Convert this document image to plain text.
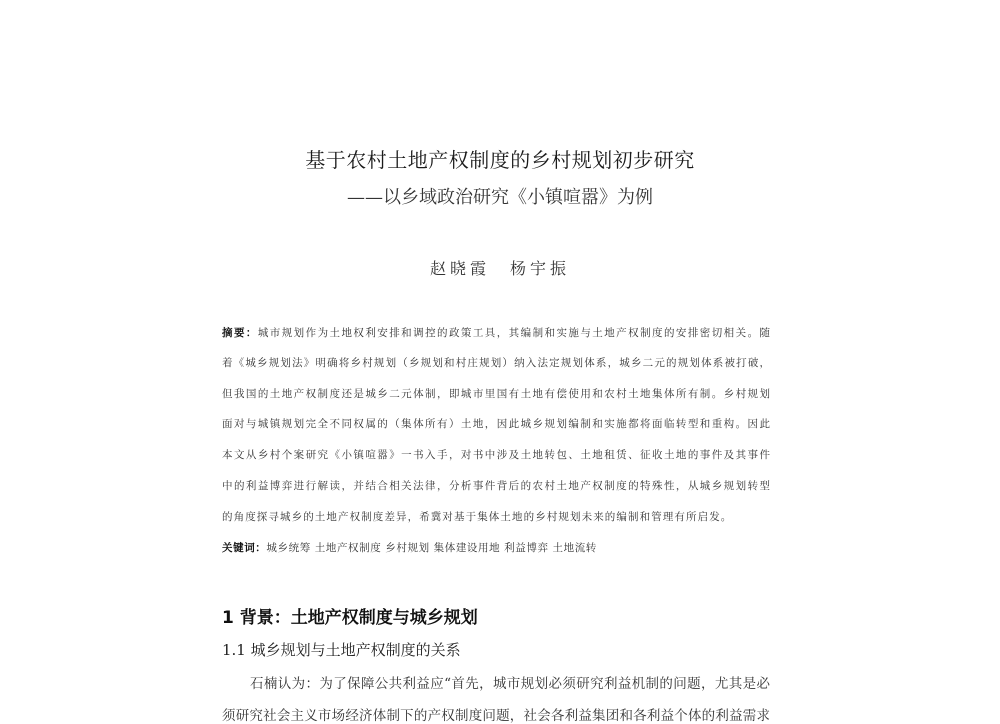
基于农村土地产权制度的乡村规划初步研究
——以乡域政治研究《小镇喧嚣》为例
赵晓霞　杨宇振
摘要：城市规划作为土地权利安排和调控的政策工具，其编制和实施与土地产权制度的安排密切相关。随
着《城乡规划法》明确将乡村规划（乡规划和村庄规划）纳入法定规划体系，城乡二元的规划体系被打破，
但我国的土地产权制度还是城乡二元体制，即城市里国有土地有偿使用和农村土地集体所有制。乡村规划
面对与城镇规划完全不同权属的（集体所有）土地，因此城乡规划编制和实施都将面临转型和重构。因此
本文从乡村个案研究《小镇喧嚣》一书入手，对书中涉及土地转包、土地租赁、征收土地的事件及其事件
中的利益博弈进行解读，并结合相关法律，分析事件背后的农村土地产权制度的特殊性，从城乡规划转型
的角度探寻城乡的土地产权制度差异，希冀对基于集体土地的乡村规划未来的编制和管理有所启发。
关键词：城乡统筹 土地产权制度 乡村规划 集体建设用地 利益博弈 土地流转
1 背景：土地产权制度与城乡规划
1.1 城乡规划与土地产权制度的关系
石楠认为：为了保障公共利益应“首先，城市规划必须研究利益机制的问题，尤其是必
须研究社会主义市场经济体制下的产权制度问题，社会各利益集团和各利益个体的利益需求
